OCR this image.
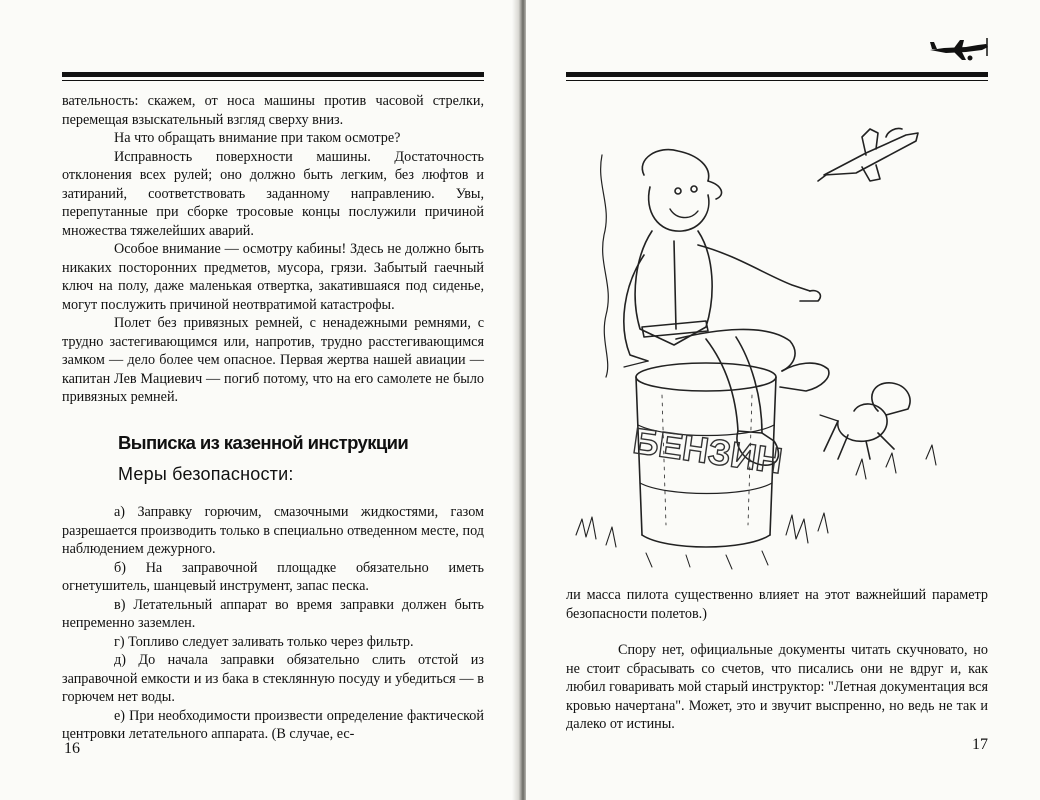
вательность: скажем, от носа машины против часовой стрелки, перемещая взыскательный взгляд сверху вниз.

На что обращать внимание при таком осмотре?

Исправность поверхности машины. Достаточность отклонения всех рулей; оно должно быть легким, без люфтов и затираний, соответствовать заданному направлению. Увы, перепутанные при сборке тросовые концы послужили причиной множества тяжелейших аварий.

Особое внимание — осмотру кабины! Здесь не должно быть никаких посторонних предметов, мусора, грязи. Забытый гаечный ключ на полу, даже маленькая отвертка, закатившаяся под сиденье, могут послужить причиной неотвратимой катастрофы.

Полет без привязных ремней, с ненадежными ремнями, с трудно застегивающимся или, напротив, трудно расстегивающимся замком — дело более чем опасное. Первая жертва нашей авиации — капитан Лев Мациевич — погиб потому, что на его самолете не было привязных ремней.

Выписка из казенной инструкции
Меры безопасности:

а) Заправку горючим, смазочными жидкостями, газом разрешается производить только в специально отведенном месте, под наблюдением дежурного.

б) На заправочной площадке обязательно иметь огнетушитель, шанцевый инструмент, запас песка.

в) Летательный аппарат во время заправки должен быть непременно заземлен.

г) Топливо следует заливать только через фильтр.

д) До начала заправки обязательно слить отстой из заправочной емкости и из бака в стеклянную посуду и убедиться — в горючем нет воды.

е) При необходимости произвести определение фактической центровки летательного аппарата. (В случае, ес-

16
БЕНЗИН

ли масса пилота существенно влияет на этот важнейший параметр безопасности полетов.)

Спору нет, официальные документы читать скучновато, но не стоит сбрасывать со счетов, что писались они не вдруг и, как любил говаривать мой старый инструктор: "Летная документация вся кровью начертана". Может, это и звучит выспренно, но ведь не так и далеко от истины.

17
